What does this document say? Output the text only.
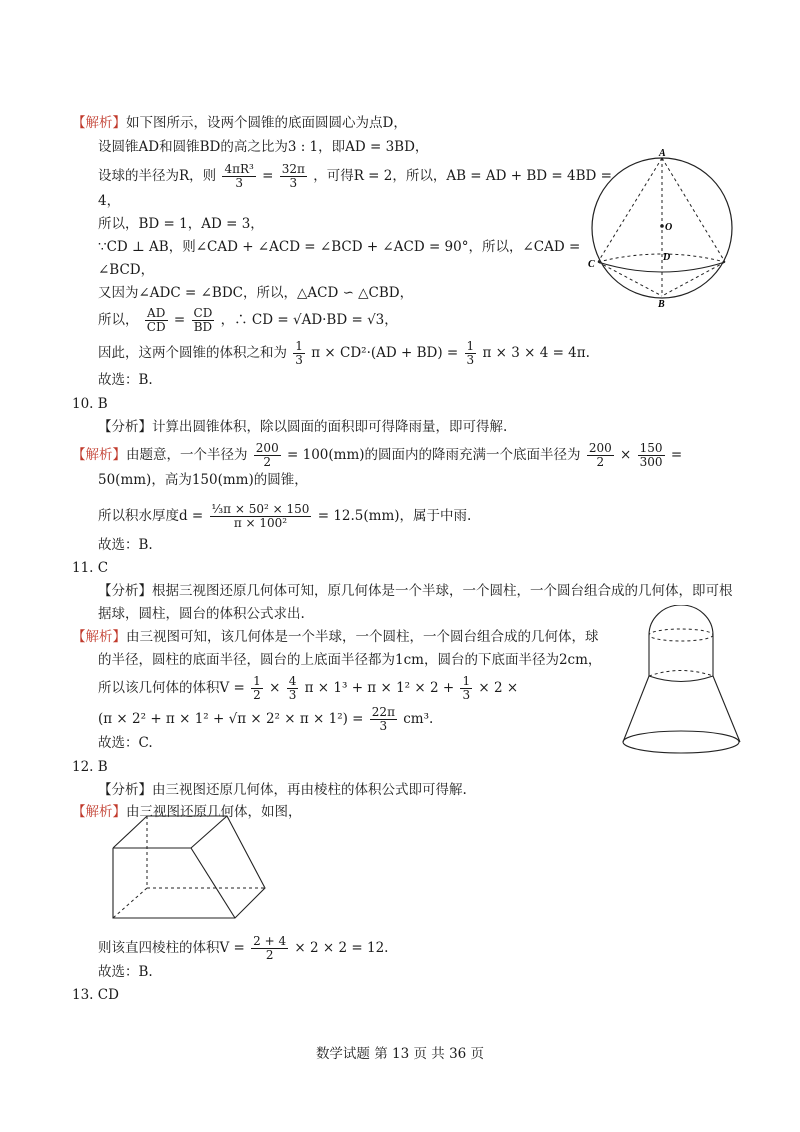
【解析】如下图所示，设两个圆锥的底面圆圆心为点D，
设圆锥AD和圆锥BD的高之比为3 : 1，即AD = 3BD，
设球的半径为R，则 $\frac{\text{4πR³}}{3} = \frac{32\pi}{3}$ ，可得R = 2，所以，AB = AD + BD = 4BD =
4，
所以，BD = 1，AD = 3，
∵CD ⊥ AB，则∠CAD + ∠ACD = ∠BCD + ∠ACD = 90°，所以，∠CAD =
∠BCD，
又因为∠ADC = ∠BDC，所以，△ACD ∽ △CBD，
所以， $\frac{AD}{CD} = \frac{CD}{BD}$ ，∴ CD = √AD·BD = √3，
因此，这两个圆锥的体积之和为 $\frac{1}{3}$ $\pi \times CD^2\cdot(AD + BD) = \frac{1}{3}$ π × 3 × 4 = 4π.
故选：B.
A
O
C
D
B
10. B
【分析】计算出圆锥体积，除以圆面的面积即可得降雨量，即可得解.
【解析】由题意，一个半径为 $\frac{200}{2} = 100(mm)$的圆面内的降雨充满一个底面半径为 $\frac{200}{2} \times \frac{150}{300}$ =
50(mm)，高为150(mm)的圆锥，
所以积水厚度$d = \frac{\text{⅓π × 50² × 150}}{\text{π × 100²}} = 12.5(mm)$，属于中雨.
故选：B.
11. C
【分析】根据三视图还原几何体可知，原几何体是一个半球，一个圆柱，一个圆台组合成的几何体，即可根
据球，圆柱，圆台的体积公式求出.
【解析】由三视图可知，该几何体是一个半球，一个圆柱，一个圆台组合成的几何体，球
的半径，圆柱的底面半径，圆台的上底面半径都为1cm，圆台的下底面半径为2cm，
所以该几何体的体积$V = \frac{1}{2} \times \frac{4}{3}$ $\pi \times 1^3 + \pi \times 1^2 \times 2 + \frac{1}{3} \times 2$ ×
$(\pi \times 2^2 + \pi \times 1^2 + √\pi \times 2^2 \times \pi \times 1^2) = \frac{22\pi}{3} cm^3$.
故选：C.
12. B
【分析】由三视图还原几何体，再由棱柱的体积公式即可得解.
【解析】由三视图还原几何体，如图，
则该直四棱柱的体积$V = \frac{2 + 4}{2} \times 2 \times 2 = 12$.
故选：B.
13. CD
数学试题 第 13 页 共 36 页
